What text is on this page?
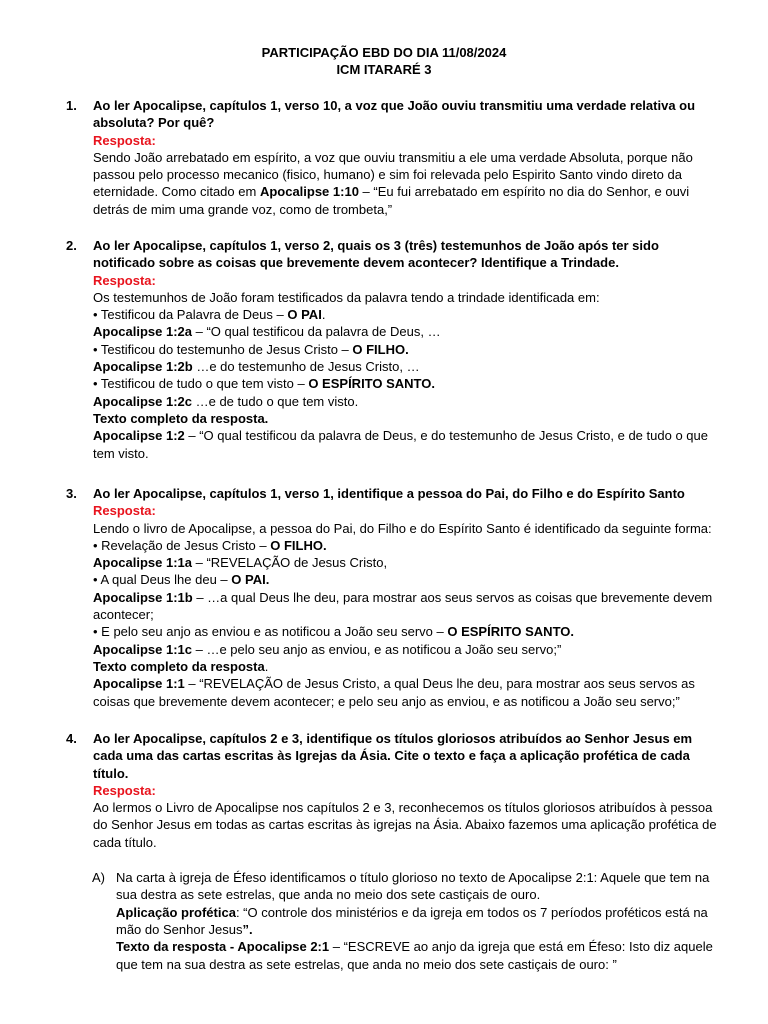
PARTICIPAÇÃO EBD DO DIA 11/08/2024
ICM ITARARÉ 3
1. Ao ler Apocalipse, capítulos 1, verso 10, a voz que João ouviu transmitiu uma verdade relativa ou absoluta? Por quê?

Resposta:

Sendo João arrebatado em espírito, a voz que ouviu transmitiu a ele uma verdade Absoluta, porque não passou pelo processo mecanico (fisico, humano) e sim foi relevada pelo Espirito Santo vindo direto da eternidade. Como citado em Apocalipse 1:10 – “Eu fui arrebatado em espírito no dia do Senhor, e ouvi detrás de mim uma grande voz, como de trombeta,”

2. Ao ler Apocalipse, capítulos 1, verso 2, quais os 3 (três) testemunhos de João após ter sido notificado sobre as coisas que brevemente devem acontecer? Identifique a Trindade.

Resposta:

Os testemunhos de João foram testificados da palavra tendo a trindade identificada em:

• Testificou da Palavra de Deus – O PAI.

Apocalipse 1:2a – “O qual testificou da palavra de Deus, …

• Testificou do testemunho de Jesus Cristo – O FILHO.

Apocalipse 1:2b …e do testemunho de Jesus Cristo, …

• Testificou de tudo o que tem visto – O ESPÍRITO SANTO.

Apocalipse 1:2c …e de tudo o que tem visto.

Texto completo da resposta.

Apocalipse 1:2 – “O qual testificou da palavra de Deus, e do testemunho de Jesus Cristo, e de tudo o que tem visto.

3. Ao ler Apocalipse, capítulos 1, verso 1, identifique a pessoa do Pai, do Filho e do Espírito Santo

Resposta:

Lendo o livro de Apocalipse, a pessoa do Pai, do Filho e do Espírito Santo é identificado da seguinte forma:

• Revelação de Jesus Cristo – O FILHO.

Apocalipse 1:1a – “REVELAÇÃO de Jesus Cristo,

• A qual Deus lhe deu – O PAI.

Apocalipse 1:1b – …a qual Deus lhe deu, para mostrar aos seus servos as coisas que brevemente devem acontecer;

• E pelo seu anjo as enviou e as notificou a João seu servo – O ESPÍRITO SANTO.

Apocalipse 1:1c – …e pelo seu anjo as enviou, e as notificou a João seu servo;”

Texto completo da resposta.

Apocalipse 1:1 – “REVELAÇÃO de Jesus Cristo, a qual Deus lhe deu, para mostrar aos seus servos as coisas que brevemente devem acontecer; e pelo seu anjo as enviou, e as notificou a João seu servo;”

4. Ao ler Apocalipse, capítulos 2 e 3, identifique os títulos gloriosos atribuídos ao Senhor Jesus em cada uma das cartas escritas às Igrejas da Ásia. Cite o texto e faça a aplicação profética de cada título.

Resposta:

Ao lermos o Livro de Apocalipse nos capítulos 2 e 3, reconhecemos os títulos gloriosos atribuídos à pessoa do Senhor Jesus em todas as cartas escritas às igrejas na Ásia. Abaixo fazemos uma aplicação profética de cada título.

A) Na carta à igreja de Éfeso identificamos o título glorioso no texto de Apocalipse 2:1: Aquele que tem na sua destra as sete estrelas, que anda no meio dos sete castiçais de ouro.

Aplicação profética: “O controle dos ministérios e da igreja em todos os 7 períodos proféticos está na mão do Senhor Jesus”.

Texto da resposta - Apocalipse 2:1 – “ESCREVE ao anjo da igreja que está em Éfeso: Isto diz aquele que tem na sua destra as sete estrelas, que anda no meio dos sete castiçais de ouro: ”
